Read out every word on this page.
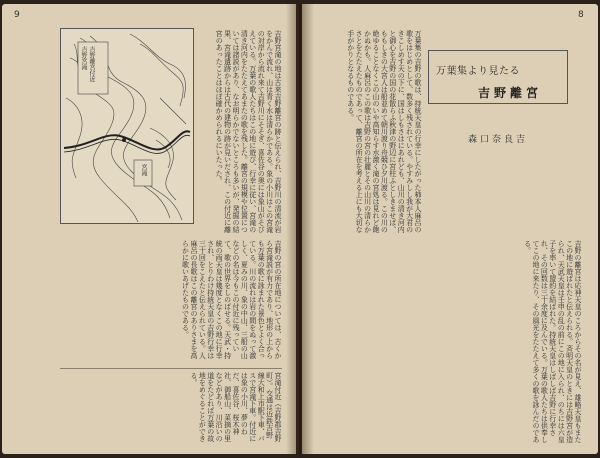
9
吉野離宮付近
吉野宮滝
宮滝	吉野宮滝の地は古来吉野離宮の跡と伝えられ、吉野川の清流が岩をかんで流れ、山は青く水は清らかである。象の小川はこの宮滝の対岸から流れ来て吉野川にそそぎ、喜佐谷の奥には象山がそびえている。万葉の歌人たちはこの地に遊び、行幸に従い、宮滝の清き河内をたたえてあまたの歌を残した。離宮の規模や位置については諸説があり、なお明らかでないところも多いが、発掘の結果、宮滝遺跡からは古代の建物の跡が見いだされ、この付近に離宮のあったことはほぼ確かめられるにいたった。

吉野の宮の所在地については、古くから宮滝説が有力であり、地形の上からも万葉の歌に詠まれた景色とよく合っている。川の流れは岩の間をぬって激しく、夏みの川、象の中山、三船の山などの名は今もこの付近に残っていて、歌の世界をしのばせる。天武・持統の両天皇は幾度となくこの地に行幸され、とりわけ持統天皇の吉野行幸は三十回をこえたと伝えられている。人麻呂の長歌はこの離宮のありさまを高らかに歌いあげたものである。

宮滝付近（吉野郡吉野町）。交通は近鉄吉野線大和上市駅下車、バスで宮滝下車。付近には象の小川、夢のわだ、喜佐谷、桜木神社、御船山、菜摘の里などがあり、川沿いの道をたどれば万葉の故地をめぐることができる。

8
万葉集より見たる
吉野離宮
森口奈良吉

万葉集の吉野の歌は、持統天皇の行幸にしたがった柿本人麻呂の歌をはじめとして、数多く残されている。やすみしし我が大君のきこしめす天の下に、国はしもさはにあれども、山川の清き河内と御心を吉野の国の花散らふ秋津の野辺に宮柱ふとしきませば、ももしきの大宮人は船並めて朝川渡り舟競ひ夕川渡る。この川の絶ゆることなくこの山のいや高知らす水激く滝の宮処は見れど飽かぬかも。人麻呂のこの歌は吉野の宮の壮麗とその山川の清らかさとをたたえたものであって、離宮の所在を考える上にも大切な手がかりとなるものである。

吉野の離宮は応神天皇のころからその名が見え、雄略天皇もまたこの地に遊ばれたと伝えられる。斉明天皇のときには吉野宮が造られ、天武天皇は壬申の乱の前にこの地に入られ、のちには六皇子を率いて盟約を結ばれた。持統天皇はしばしば吉野に行幸され、その回数は三十余度に及んでいる。万葉の歌人たちは供奉してこの地に来たり、その風光をたたえて多くの歌を詠んだのである。
